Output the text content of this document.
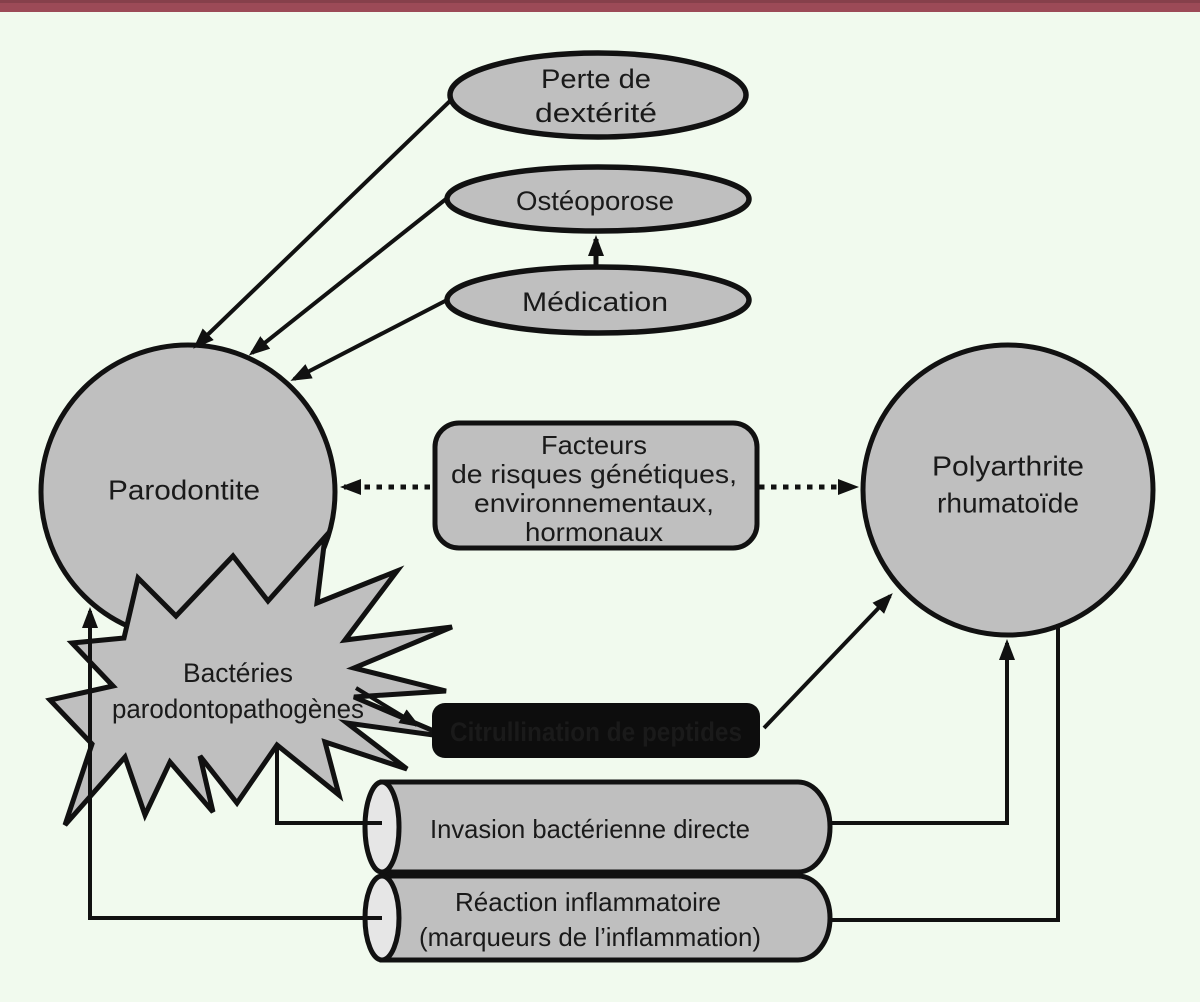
Perte de
dextérité
Ostéoporose
Médication
Parodontite
Polyarthrite
rhumatoïde
Facteurs
de risques génétiques,
environnementaux,
hormonaux
Bactéries
parodontopathogènes
Citrullination de peptides
Invasion bactérienne directe
Réaction inflammatoire
(marqueurs de l’inflammation)
